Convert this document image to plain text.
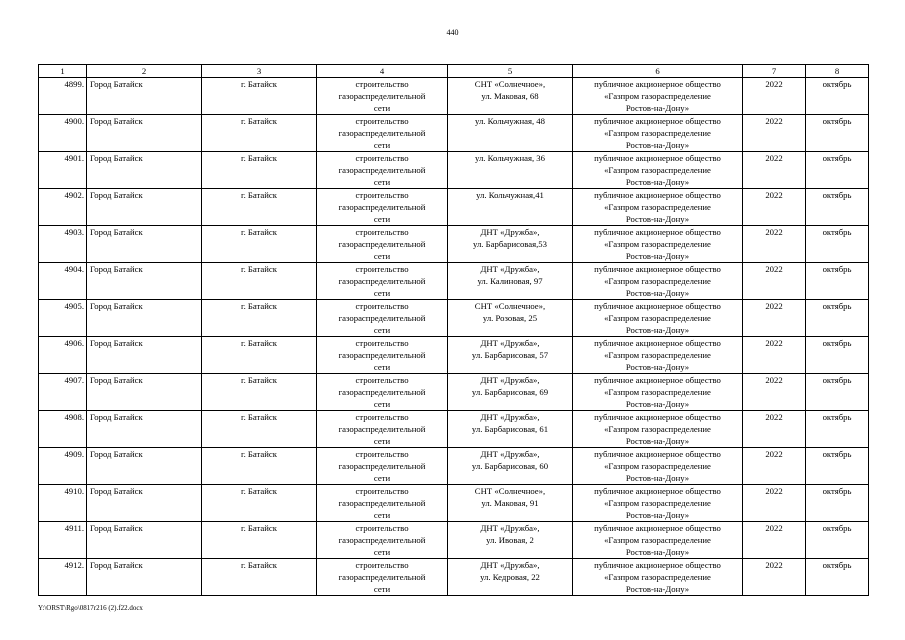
440
1	2	3	4	5	6	7	8
4899.	Город Батайск	г. Батайск	строительство
газораспределительной
сети	СНТ «Солнечное»,
ул. Маковая, 68	публичное акционерное общество
«Газпром газораспределение
Ростов-на-Дону»	2022	октябрь
4900.	Город Батайск	г. Батайск	строительство
газораспределительной
сети	ул. Кольчужная, 48	публичное акционерное общество
«Газпром газораспределение
Ростов-на-Дону»	2022	октябрь
4901.	Город Батайск	г. Батайск	строительство
газораспределительной
сети	ул. Кольчужная, 36	публичное акционерное общество
«Газпром газораспределение
Ростов-на-Дону»	2022	октябрь
4902.	Город Батайск	г. Батайск	строительство
газораспределительной
сети	ул. Кольчужная,41	публичное акционерное общество
«Газпром газораспределение
Ростов-на-Дону»	2022	октябрь
4903.	Город Батайск	г. Батайск	строительство
газораспределительной
сети	ДНТ «Дружба»,
ул. Барбарисовая,53	публичное акционерное общество
«Газпром газораспределение
Ростов-на-Дону»	2022	октябрь
4904.	Город Батайск	г. Батайск	строительство
газораспределительной
сети	ДНТ «Дружба»,
ул. Калиновая, 97	публичное акционерное общество
«Газпром газораспределение
Ростов-на-Дону»	2022	октябрь
4905.	Город Батайск	г. Батайск	строительство
газораспределительной
сети	СНТ «Солнечное»,
ул. Розовая, 25	публичное акционерное общество
«Газпром газораспределение
Ростов-на-Дону»	2022	октябрь
4906.	Город Батайск	г. Батайск	строительство
газораспределительной
сети	ДНТ «Дружба»,
ул. Барбарисовая, 57	публичное акционерное общество
«Газпром газораспределение
Ростов-на-Дону»	2022	октябрь
4907.	Город Батайск	г. Батайск	строительство
газораспределительной
сети	ДНТ «Дружба»,
ул. Барбарисовая, 69	публичное акционерное общество
«Газпром газораспределение
Ростов-на-Дону»	2022	октябрь
4908.	Город Батайск	г. Батайск	строительство
газораспределительной
сети	ДНТ «Дружба»,
ул. Барбарисовая, 61	публичное акционерное общество
«Газпром газораспределение
Ростов-на-Дону»	2022	октябрь
4909.	Город Батайск	г. Батайск	строительство
газораспределительной
сети	ДНТ «Дружба»,
ул. Барбарисовая, 60	публичное акционерное общество
«Газпром газораспределение
Ростов-на-Дону»	2022	октябрь
4910.	Город Батайск	г. Батайск	строительство
газораспределительной
сети	СНТ «Солнечное»,
ул. Маковая, 91	публичное акционерное общество
«Газпром газораспределение
Ростов-на-Дону»	2022	октябрь
4911.	Город Батайск	г. Батайск	строительство
газораспределительной
сети	ДНТ «Дружба»,
ул. Ивовая, 2	публичное акционерное общество
«Газпром газораспределение
Ростов-на-Дону»	2022	октябрь
4912.	Город Батайск	г. Батайск	строительство
газораспределительной
сети	ДНТ «Дружба»,
ул. Кедровая, 22	публичное акционерное общество
«Газпром газораспределение
Ростов-на-Дону»	2022	октябрь
Y:\ORST\Rgo\0817r216 (2).f22.docx
